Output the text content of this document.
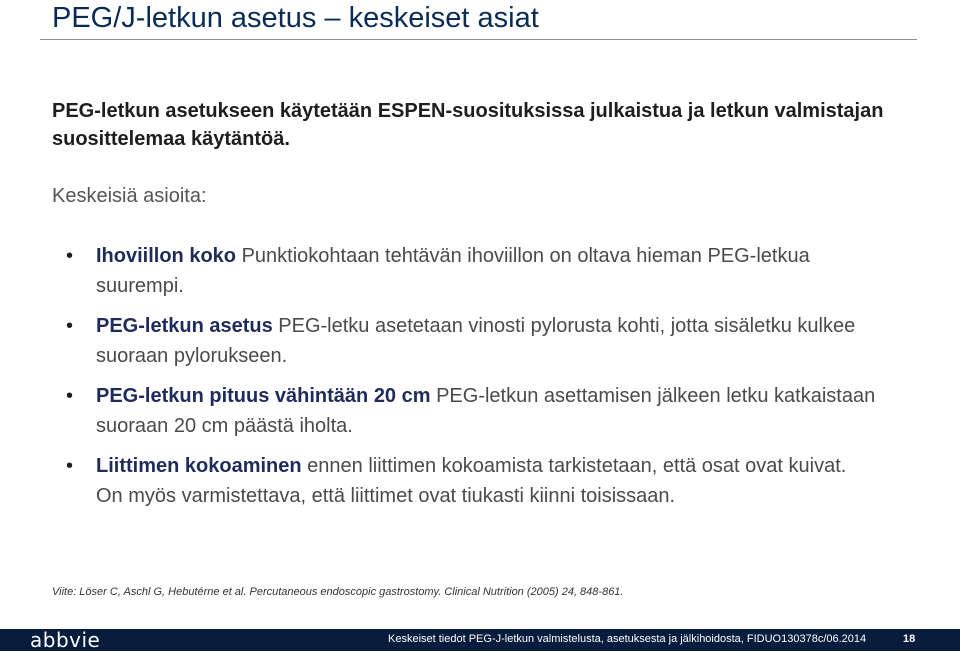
PEG/J-letkun asetus – keskeiset asiat
PEG-letkun asetukseen käytetään ESPEN-suosituksissa julkaistua ja letkun valmistajan suosittelemaa käytäntöä.
Keskeisiä asioita:
• Ihoviillon koko Punktiokohtaan tehtävän ihoviillon on oltava hieman PEG-letkua suurempi.
• PEG-letkun asetus PEG-letku asetetaan vinosti pylorusta kohti, jotta sisäletku kulkee suoraan pylorukseen.
• PEG-letkun pituus vähintään 20 cm PEG-letkun asettamisen jälkeen letku katkaistaan suoraan 20 cm päästä iholta.
• Liittimen kokoaminen ennen liittimen kokoamista tarkistetaan, että osat ovat kuivat. On myös varmistettava, että liittimet ovat tiukasti kiinni toisissaan.
Viite: Löser C, Aschl G, Hebutérne et al. Percutaneous endoscopic gastrostomy. Clinical Nutrition (2005) 24, 848-861.
abbvie	Keskeiset tiedot PEG-J-letkun valmistelusta, asetuksesta ja jälkihoidosta, FIDUO130378c/06.2014	18
